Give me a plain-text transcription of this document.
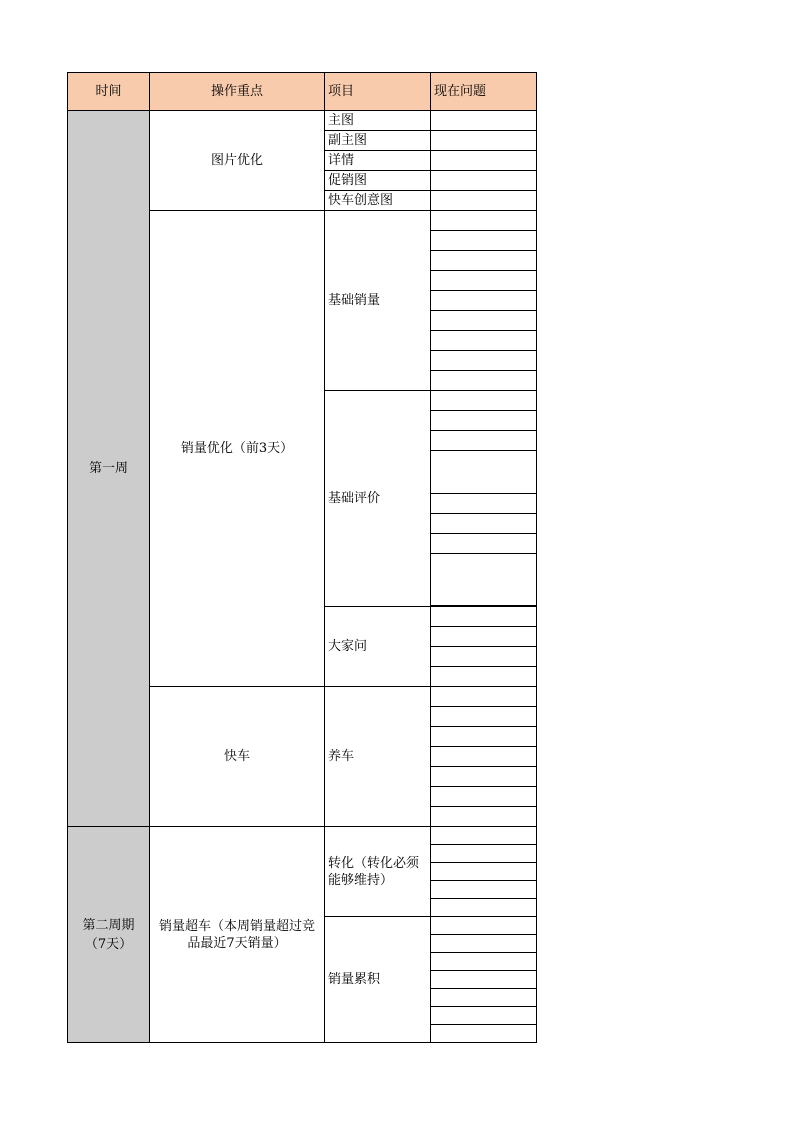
时间	操作重点	项目	现在问题
第一周	图片优化	主图	
		副主图	
		详情	
		促销图	
		快车创意图	
	销量优化（前3天）	基础销量	

		基础评价	

		大家问	

	快车	养车	

第二周期
（7天）	销量超车（本周销量超过竞品最近7天销量）	转化（转化必须能够维持）	

		销量累积	
